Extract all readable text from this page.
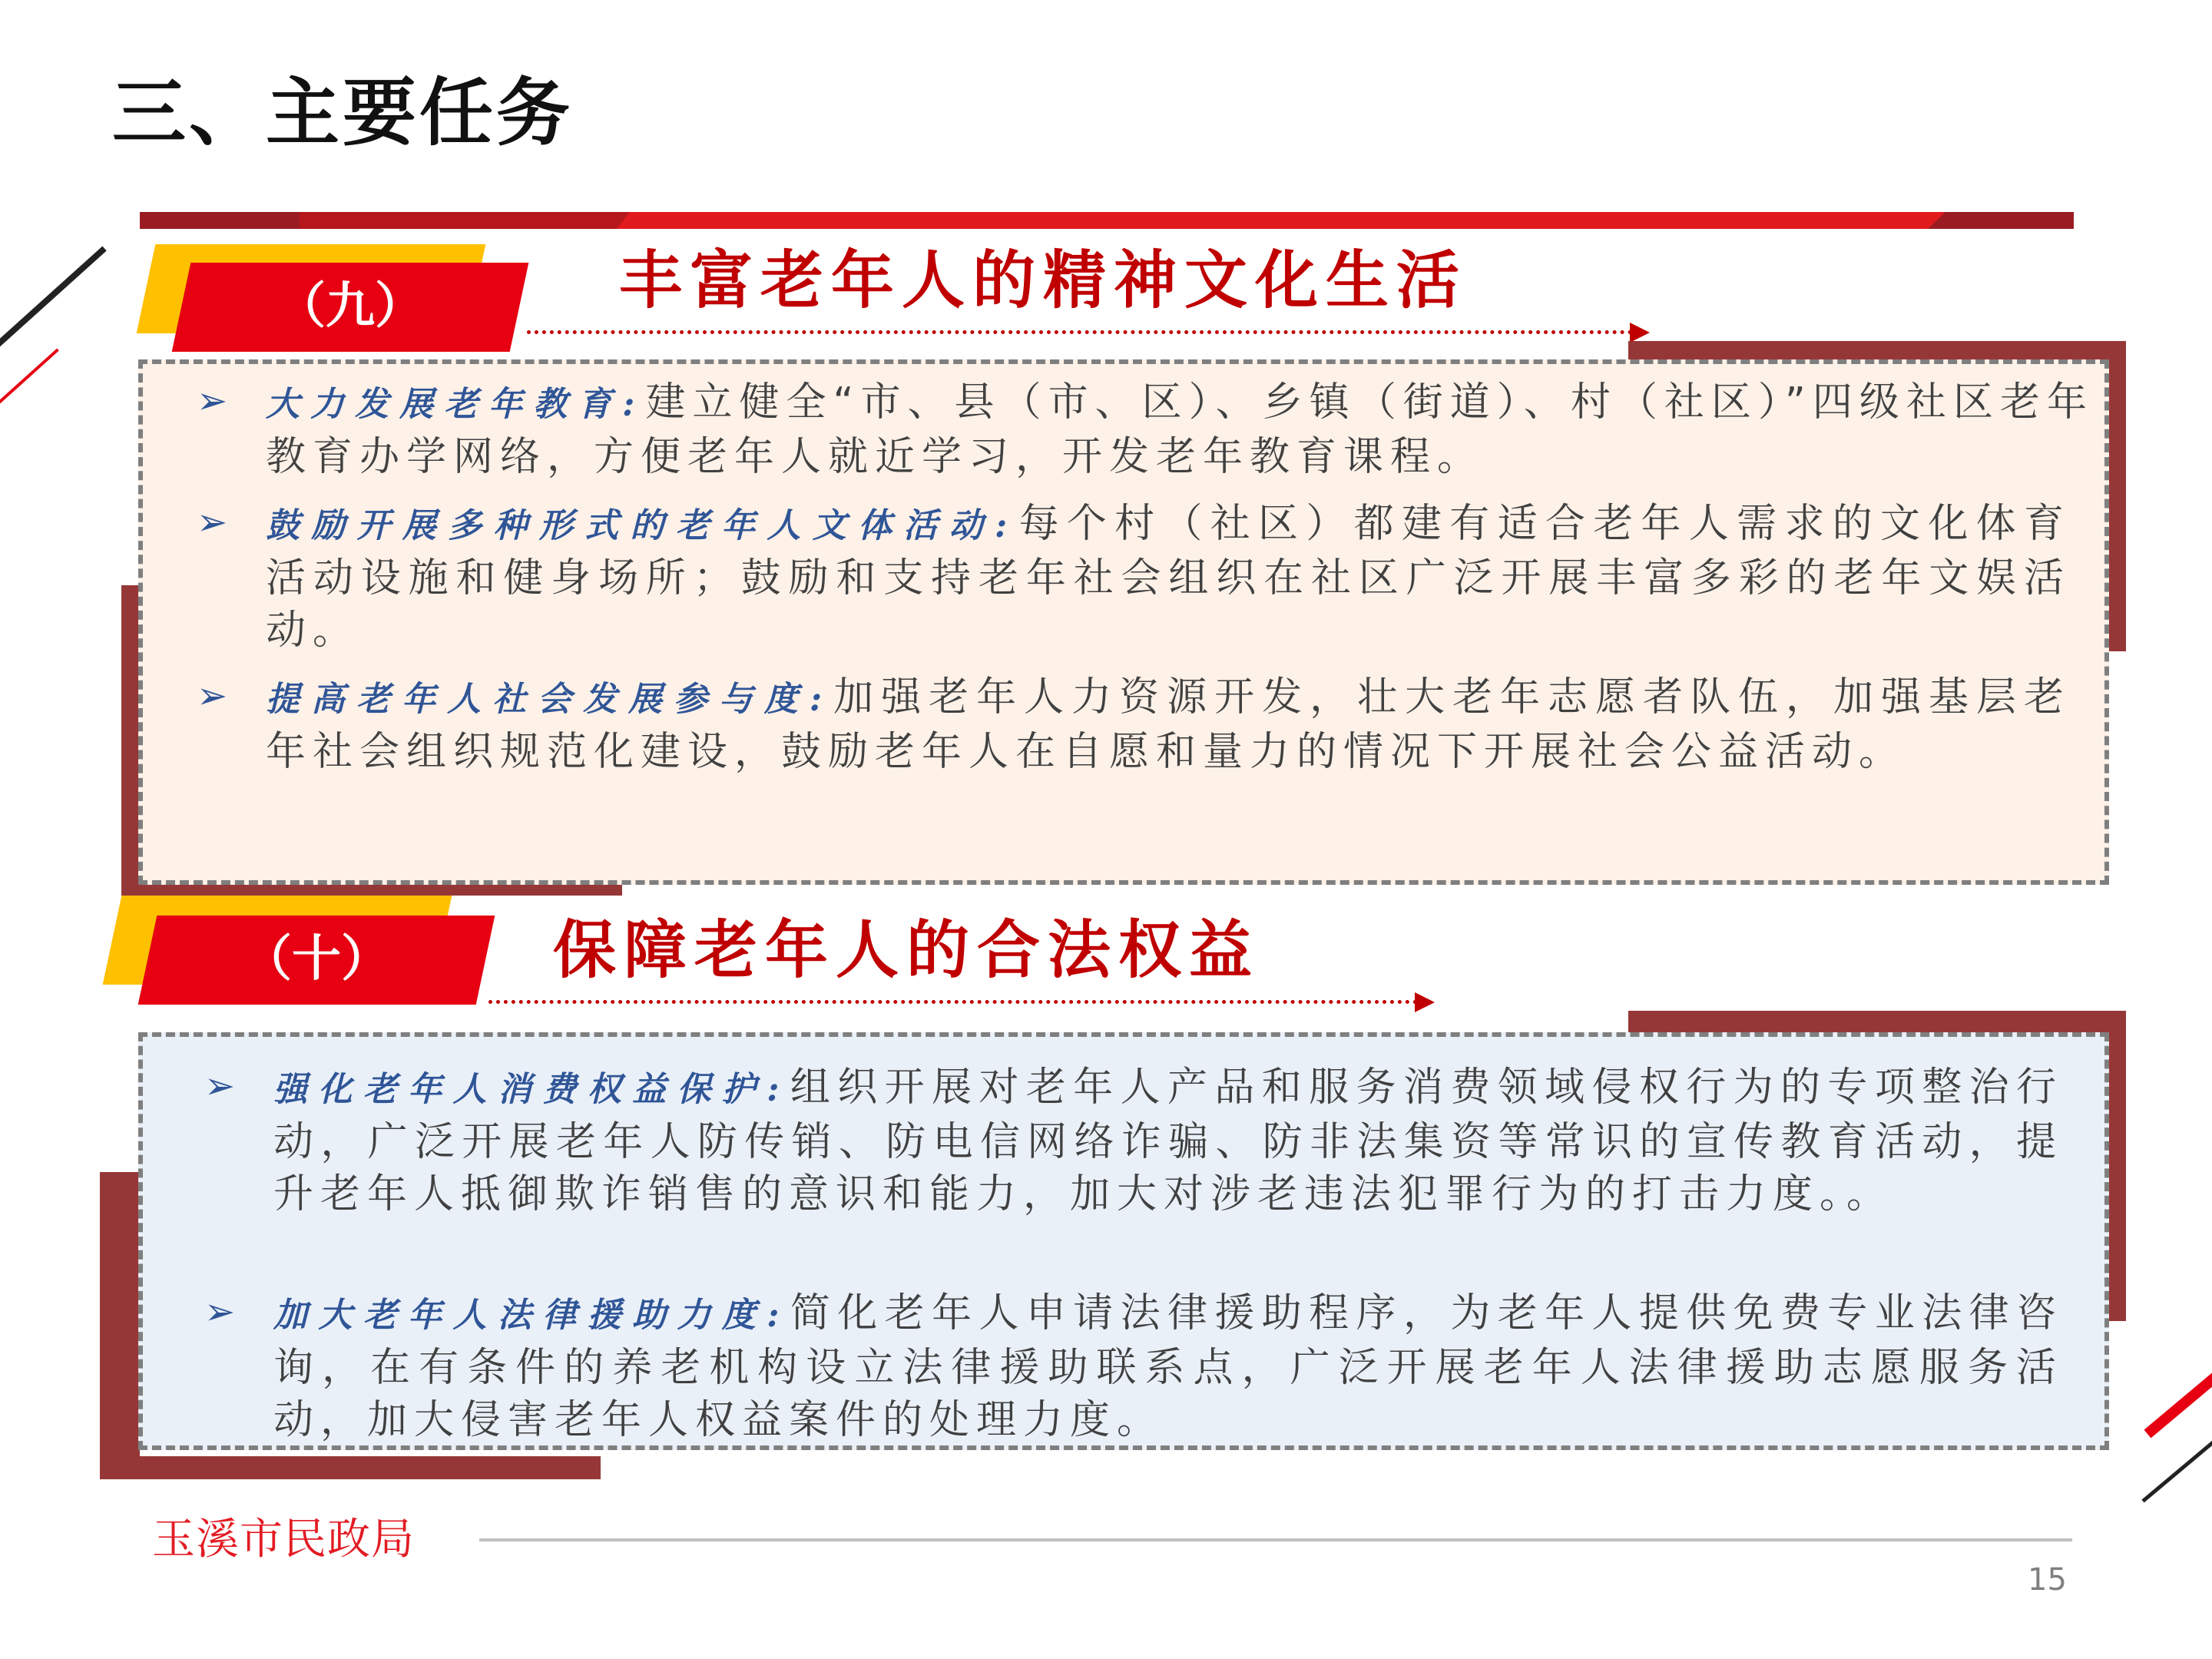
三、主要任务
（九）	丰富老年人的精神文化生活
➢ 大力发展老年教育:建立健全“市、县（市、区）、乡镇（街道）、村（社区）”四级社区老年教育办学网络，方便老年人就近学习，开发老年教育课程。
➢ 鼓励开展多种形式的老年人文体活动:每个村（社区）都建有适合老年人需求的文化体育活动设施和健身场所；鼓励和支持老年社会组织在社区广泛开展丰富多彩的老年文娱活动。
➢ 提高老年人社会发展参与度:加强老年人力资源开发，壮大老年志愿者队伍，加强基层老年社会组织规范化建设，鼓励老年人在自愿和量力的情况下开展社会公益活动。
（十）	保障老年人的合法权益
➢ 强化老年人消费权益保护:组织开展对老年人产品和服务消费领域侵权行为的专项整治行动，广泛开展老年人防传销、防电信网络诈骗、防非法集资等常识的宣传教育活动，提升老年人抵御欺诈销售的意识和能力，加大对涉老违法犯罪行为的打击力度。。
➢ 加大老年人法律援助力度:简化老年人申请法律援助程序，为老年人提供免费专业法律咨询，在有条件的养老机构设立法律援助联系点，广泛开展老年人法律援助志愿服务活动，加大侵害老年人权益案件的处理力度。
玉溪市民政局
15
